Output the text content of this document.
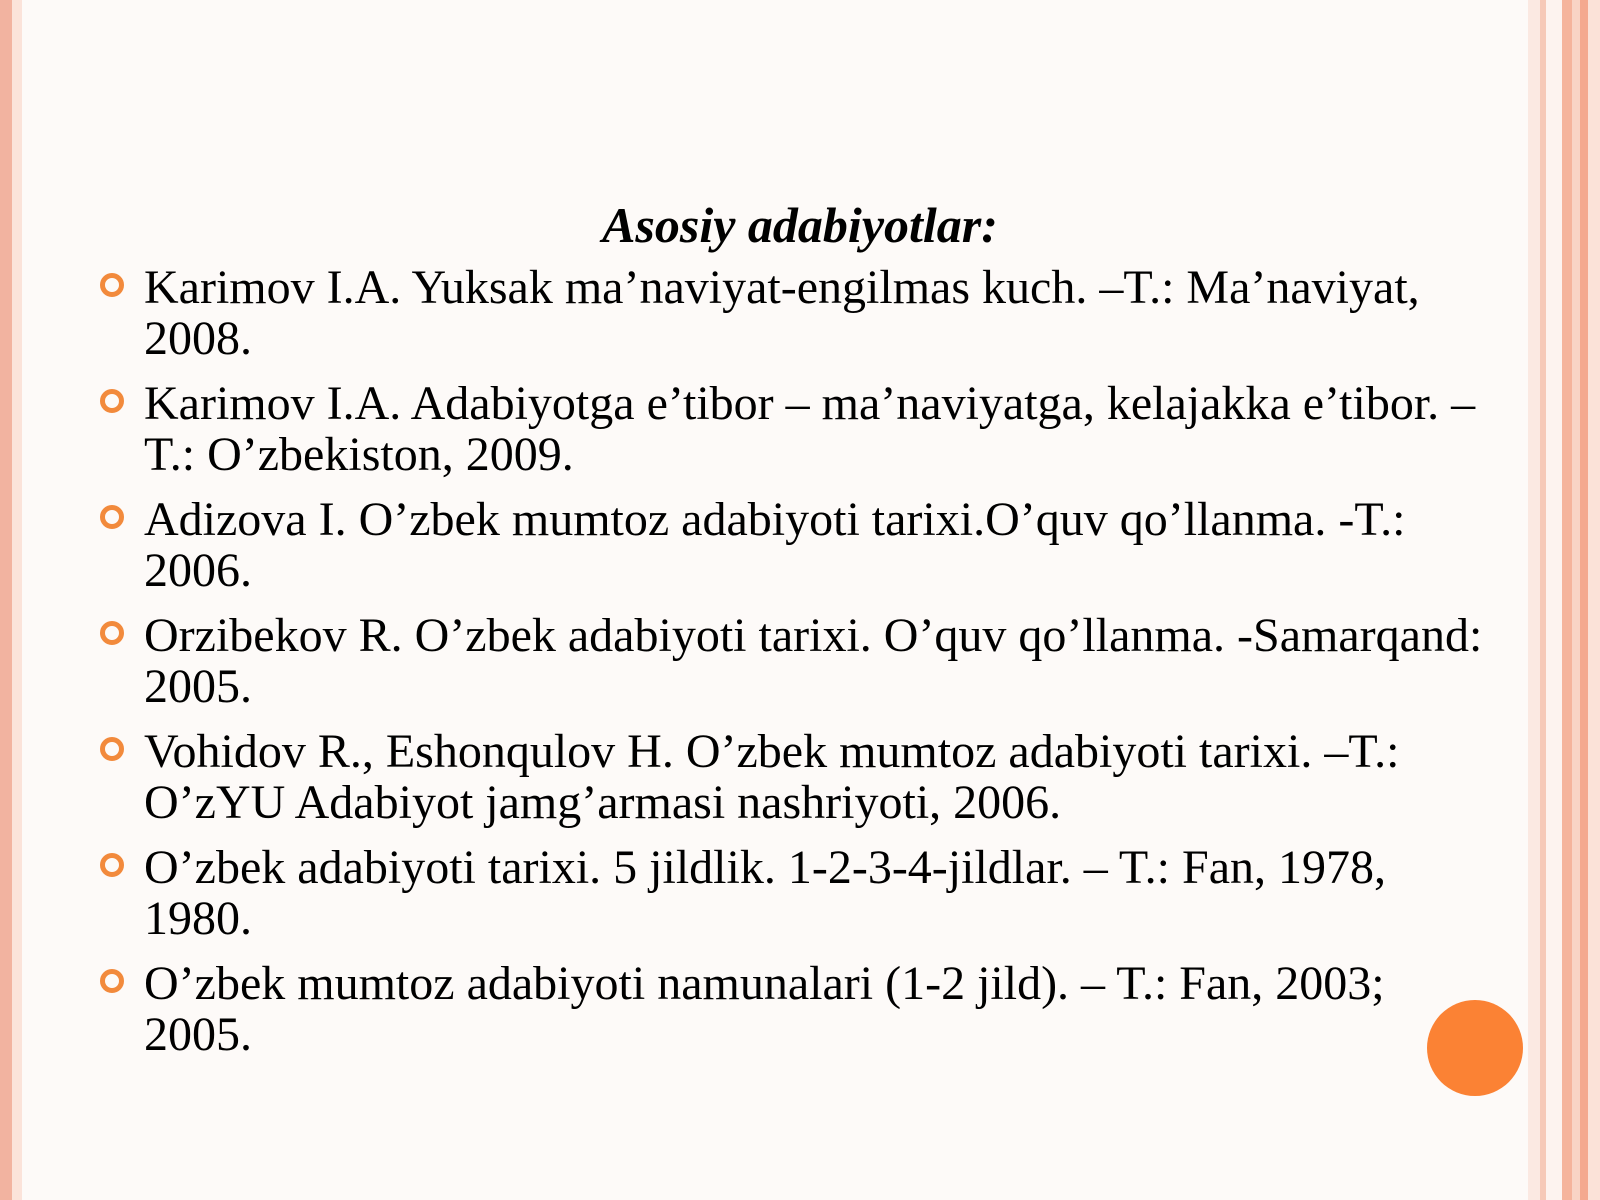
Asosiy adabiyotlar:
Karimov I.A. Yuksak ma’naviyat-engilmas kuch. –T.: Ma’naviyat, 2008.
Karimov I.A. Adabiyotga e’tibor – ma’naviyatga, kelajakka e’tibor. – T.: O’zbekiston, 2009.
Adizova I. O’zbek mumtoz adabiyoti tarixi.O’quv qo’llanma. -T.: 2006.
Orzibekov R. O’zbek adabiyoti tarixi. O’quv qo’llanma. -Samarqand: 2005.
Vohidov R., Eshonqulov H. O’zbek mumtoz adabiyoti tarixi. –T.: O’zYU Adabiyot jamg’armasi nashriyoti, 2006.
O’zbek adabiyoti tarixi. 5 jildlik. 1-2-3-4-jildlar. – T.: Fan, 1978, 1980.
O’zbek mumtoz adabiyoti namunalari (1-2 jild). – T.: Fan, 2003; 2005.
